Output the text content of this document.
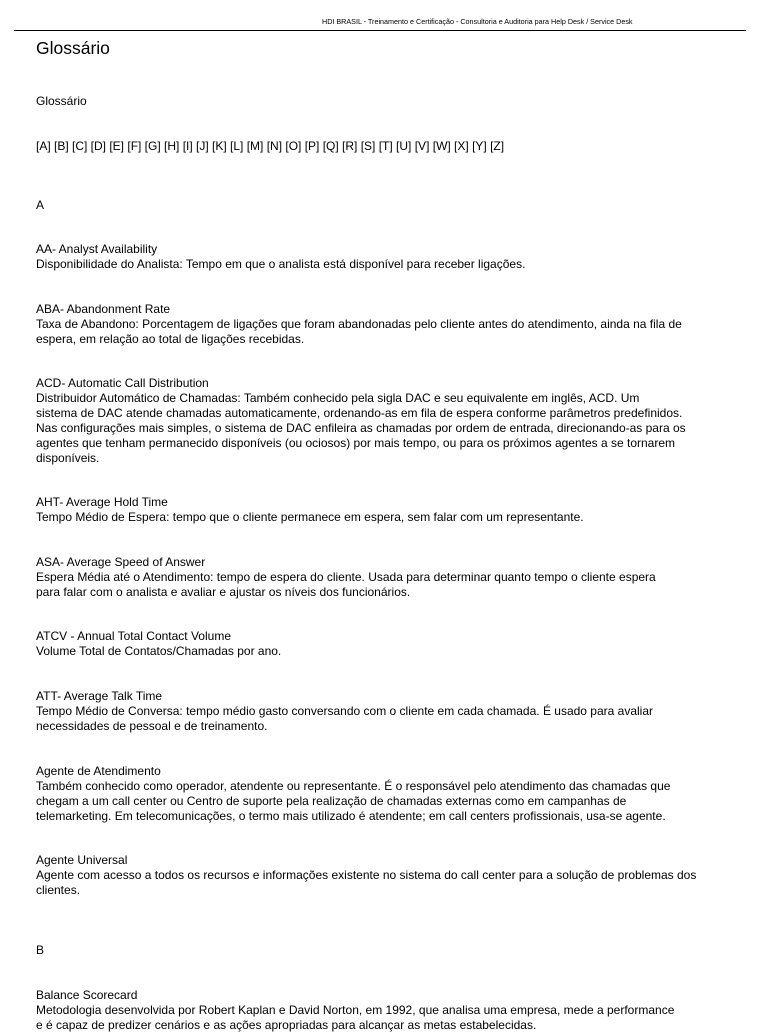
HDI BRASIL - Treinamento e Certificação - Consultoria e Auditoria para Help Desk / Service Desk
Glossário
Glossário
[A] [B] [C] [D] [E] [F] [G] [H] [I] [J] [K] [L] [M] [N] [O] [P] [Q] [R] [S] [T] [U] [V] [W] [X] [Y] [Z]
A
AA- Analyst Availability
Disponibilidade do Analista: Tempo em que o analista está disponível para receber ligações.
ABA- Abandonment Rate
Taxa de Abandono: Porcentagem de ligações que foram abandonadas pelo cliente antes do atendimento, ainda na fila de
espera, em relação ao total de ligações recebidas.
ACD- Automatic Call Distribution
Distribuidor Automático de Chamadas: Também conhecido pela sigla DAC e seu equivalente em inglês, ACD. Um
sistema de DAC atende chamadas automaticamente, ordenando-as em fila de espera conforme parâmetros predefinidos.
Nas configurações mais simples, o sistema de DAC enfileira as chamadas por ordem de entrada, direcionando-as para os
agentes que tenham permanecido disponíveis (ou ociosos) por mais tempo, ou para os próximos agentes a se tornarem
disponíveis.
AHT- Average Hold Time
Tempo Médio de Espera: tempo que o cliente permanece em espera, sem falar com um representante.
ASA- Average Speed of Answer
Espera Média até o Atendimento: tempo de espera do cliente. Usada para determinar quanto tempo o cliente espera
para falar com o analista e avaliar e ajustar os níveis dos funcionários.
ATCV - Annual Total Contact Volume
Volume Total de Contatos/Chamadas por ano.
ATT- Average Talk Time
Tempo Médio de Conversa: tempo médio gasto conversando com o cliente em cada chamada. É usado para avaliar
necessidades de pessoal e de treinamento.
Agente de Atendimento
Também conhecido como operador, atendente ou representante. É o responsável pelo atendimento das chamadas que
chegam a um call center ou Centro de suporte pela realização de chamadas externas como em campanhas de
telemarketing. Em telecomunicações, o termo mais utilizado é atendente; em call centers profissionais, usa-se agente.
Agente Universal
Agente com acesso a todos os recursos e informações existente no sistema do call center para a solução de problemas dos
clientes.
B
Balance Scorecard
Metodologia desenvolvida por Robert Kaplan e David Norton, em 1992, que analisa uma empresa, mede a performance
e é capaz de predizer cenários e as ações apropriadas para alcançar as metas estabelecidas.
